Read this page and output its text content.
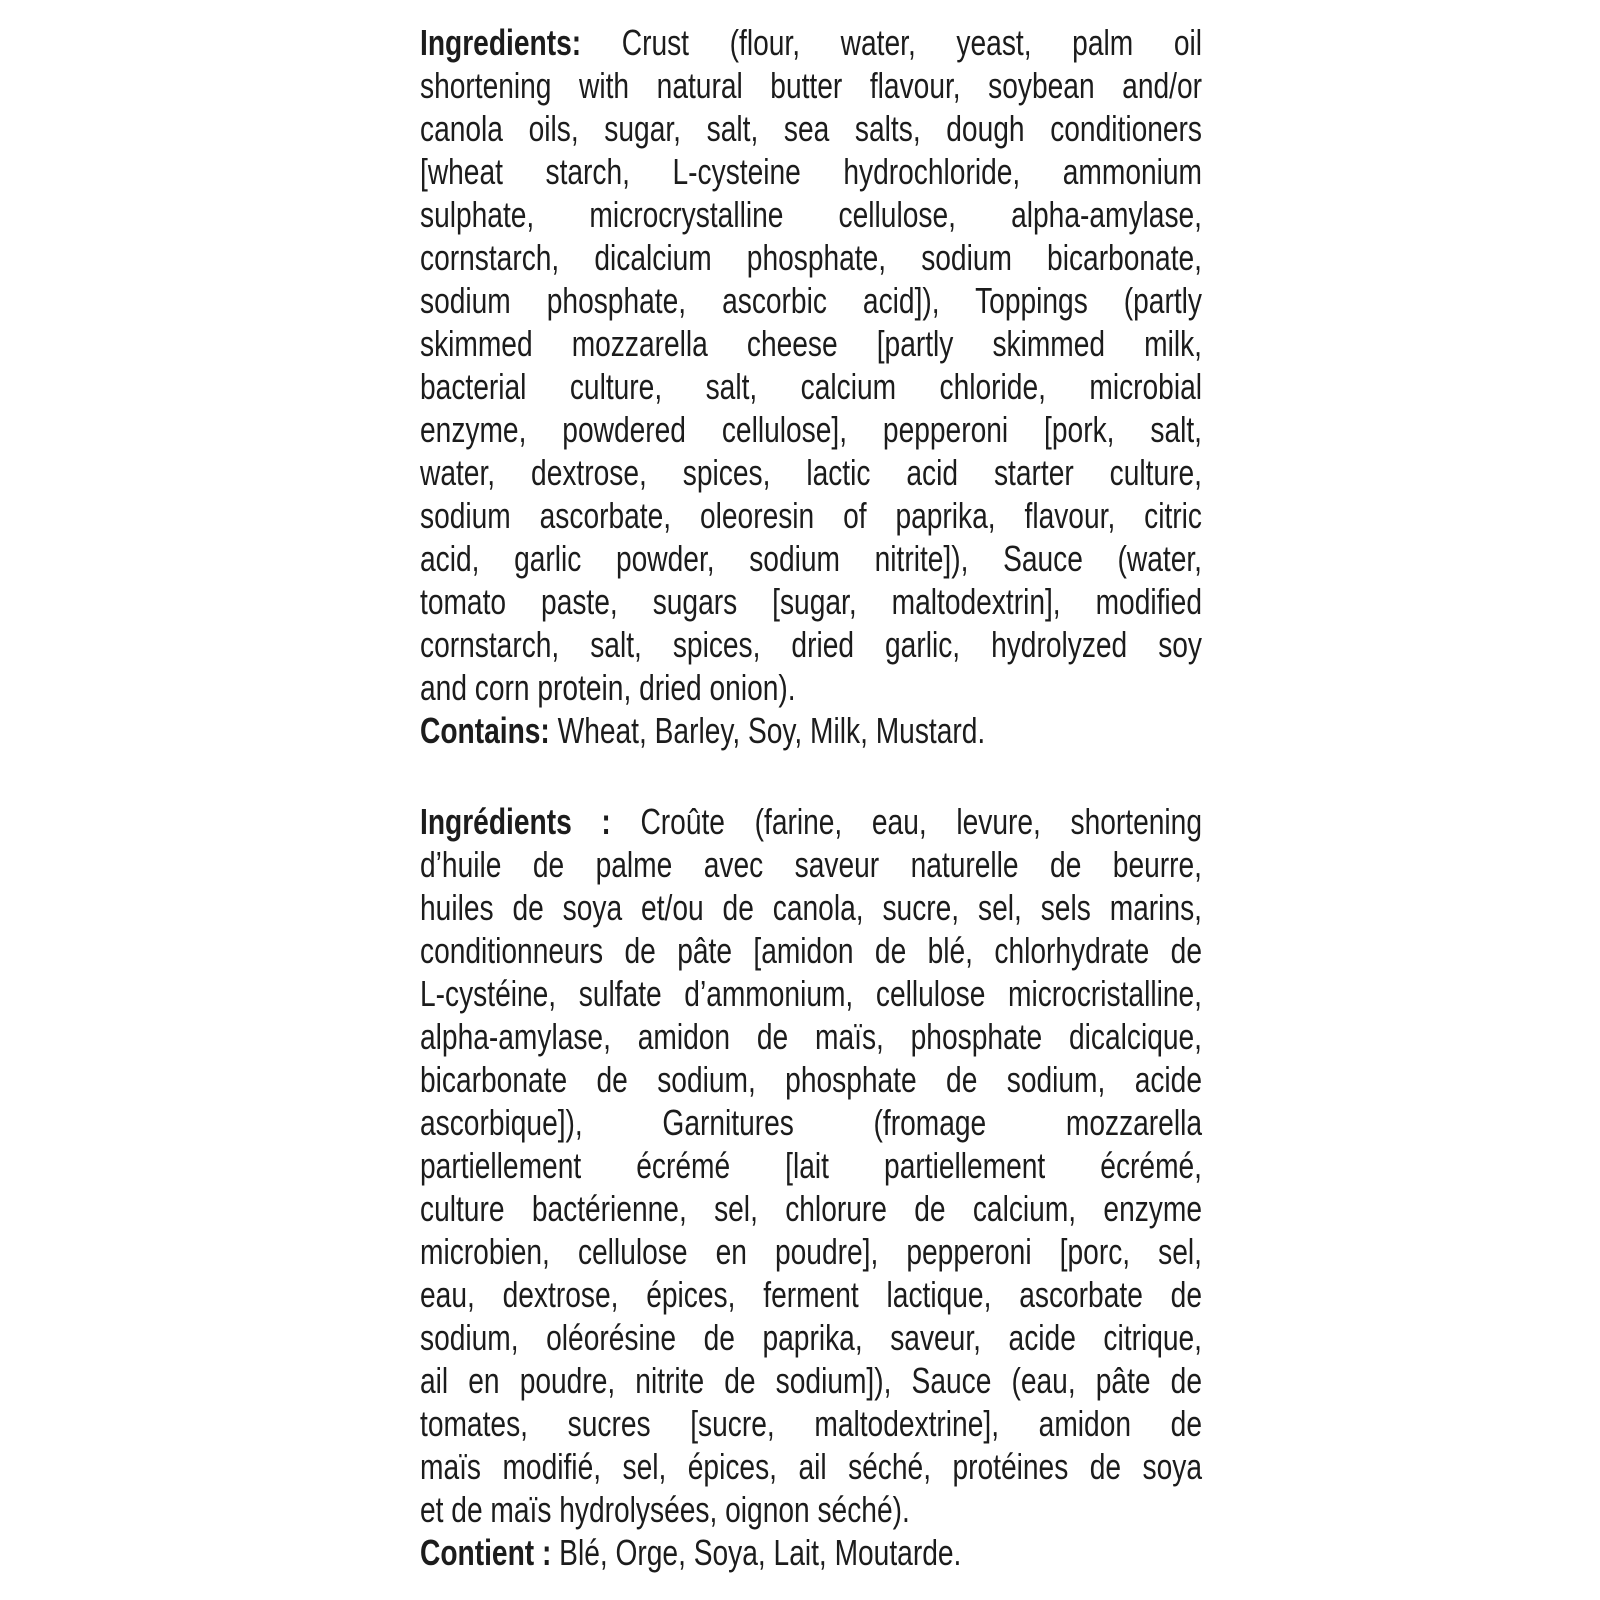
Ingredients: Crust (flour, water, yeast, palm oil
shortening with natural butter flavour, soybean and/or
canola oils, sugar, salt, sea salts, dough conditioners
[wheat starch, L-cysteine hydrochloride, ammonium
sulphate, microcrystalline cellulose, alpha-amylase,
cornstarch, dicalcium phosphate, sodium bicarbonate,
sodium phosphate, ascorbic acid]), Toppings (partly
skimmed mozzarella cheese [partly skimmed milk,
bacterial culture, salt, calcium chloride, microbial
enzyme, powdered cellulose], pepperoni [pork, salt,
water, dextrose, spices, lactic acid starter culture,
sodium ascorbate, oleoresin of paprika, flavour, citric
acid, garlic powder, sodium nitrite]), Sauce (water,
tomato paste, sugars [sugar, maltodextrin], modified
cornstarch, salt, spices, dried garlic, hydrolyzed soy
and corn protein, dried onion).
Contains: Wheat, Barley, Soy, Milk, Mustard.
Ingrédients : Croûte (farine, eau, levure, shortening
d’huile de palme avec saveur naturelle de beurre,
huiles de soya et/ou de canola, sucre, sel, sels marins,
conditionneurs de pâte [amidon de blé, chlorhydrate de
L-cystéine, sulfate d’ammonium, cellulose microcristalline,
alpha-amylase, amidon de maïs, phosphate dicalcique,
bicarbonate de sodium, phosphate de sodium, acide
ascorbique]), Garnitures (fromage mozzarella
partiellement écrémé [lait partiellement écrémé,
culture bactérienne, sel, chlorure de calcium, enzyme
microbien, cellulose en poudre], pepperoni [porc, sel,
eau, dextrose, épices, ferment lactique, ascorbate de
sodium, oléorésine de paprika, saveur, acide citrique,
ail en poudre, nitrite de sodium]), Sauce (eau, pâte de
tomates, sucres [sucre, maltodextrine], amidon de
maïs modifié, sel, épices, ail séché, protéines de soya
et de maïs hydrolysées, oignon séché).
Contient : Blé, Orge, Soya, Lait, Moutarde.
